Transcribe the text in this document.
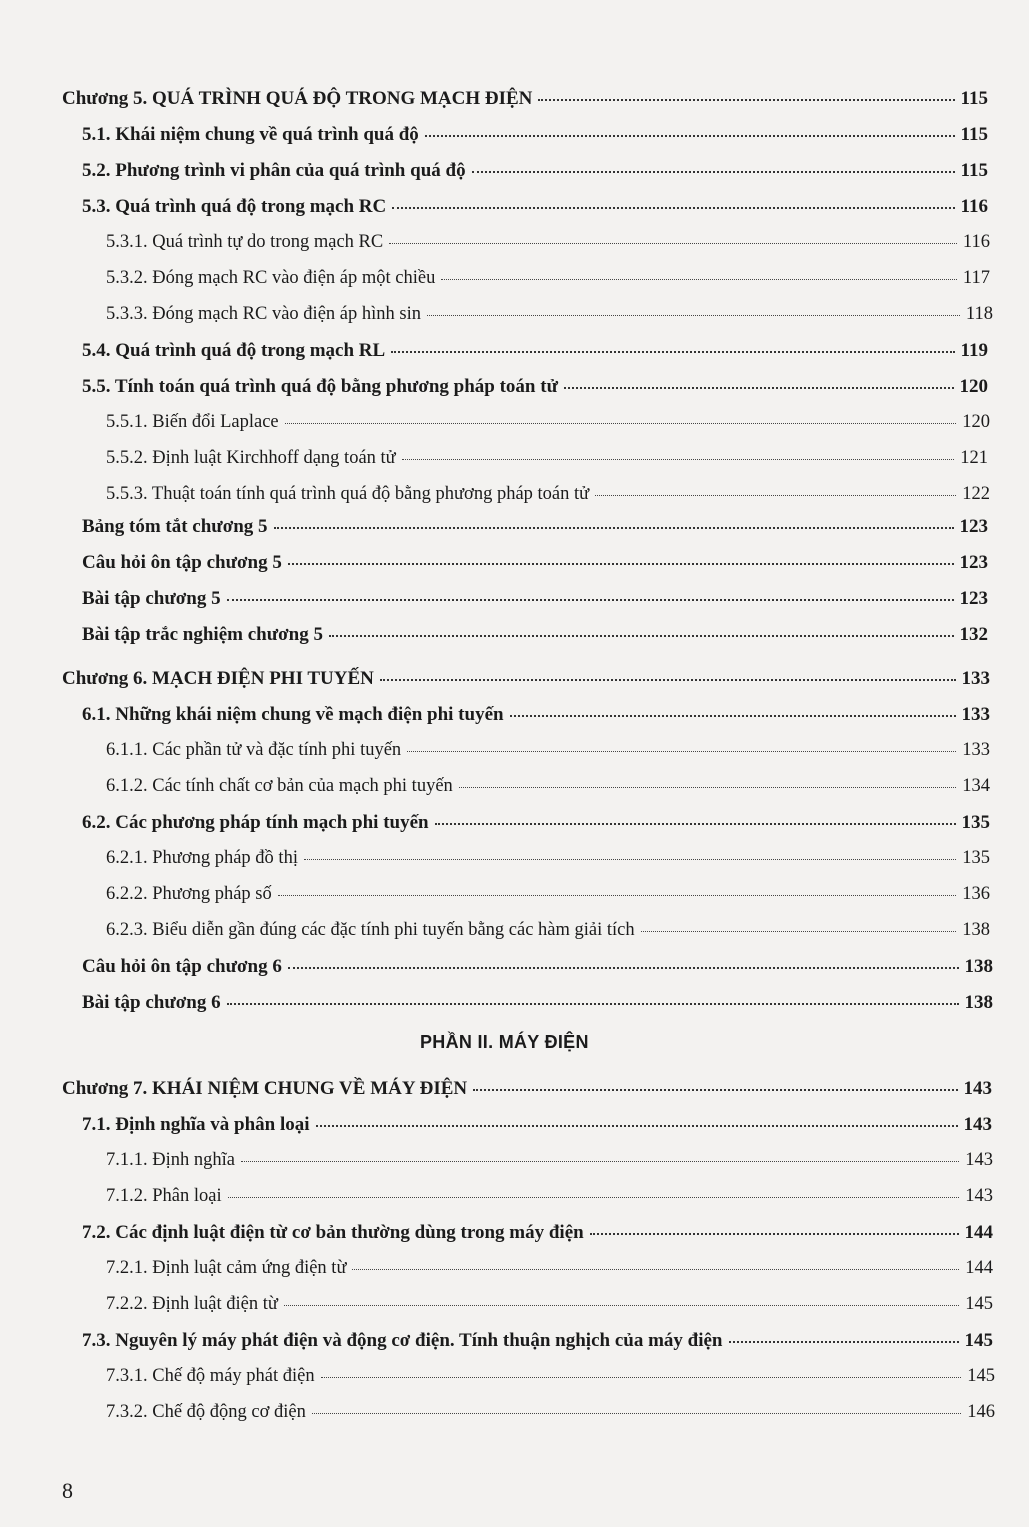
Chương 5. QUÁ TRÌNH QUÁ ĐỘ TRONG MẠCH ĐIỆN	115
5.1. Khái niệm chung về quá trình quá độ	115
5.2. Phương trình vi phân của quá trình quá độ	115
5.3. Quá trình quá độ trong mạch RC	116
5.3.1. Quá trình tự do trong mạch RC	116
5.3.2. Đóng mạch RC vào điện áp một chiều	117
5.3.3. Đóng mạch RC vào điện áp hình sin	118
5.4. Quá trình quá độ trong mạch RL	119
5.5. Tính toán quá trình quá độ bằng phương pháp toán tử	120
5.5.1. Biến đổi Laplace	120
5.5.2. Định luật Kirchhoff dạng toán tử	121
5.5.3. Thuật toán tính quá trình quá độ bằng phương pháp toán tử	122
Bảng tóm tắt chương 5	123
Câu hỏi ôn tập chương 5	123
Bài tập chương 5	123
Bài tập trắc nghiệm chương 5	132
Chương 6. MẠCH ĐIỆN PHI TUYẾN	133
6.1. Những khái niệm chung về mạch điện phi tuyến	133
6.1.1. Các phần tử và đặc tính phi tuyến	133
6.1.2. Các tính chất cơ bản của mạch phi tuyến	134
6.2. Các phương pháp tính mạch phi tuyến	135
6.2.1. Phương pháp đồ thị	135
6.2.2. Phương pháp số	136
6.2.3. Biểu diễn gần đúng các đặc tính phi tuyến bằng các hàm giải tích	138
Câu hỏi ôn tập chương 6	138
Bài tập chương 6	138
Chương 7. KHÁI NIỆM CHUNG VỀ MÁY ĐIỆN	143
7.1. Định nghĩa và phân loại	143
7.1.1. Định nghĩa	143
7.1.2. Phân loại	143
7.2. Các định luật điện từ cơ bản thường dùng trong máy điện	144
7.2.1. Định luật cảm ứng điện từ	144
7.2.2. Định luật điện từ	145
7.3. Nguyên lý máy phát điện và động cơ điện. Tính thuận nghịch của máy điện	145
7.3.1. Chế độ máy phát điện	145
7.3.2. Chế độ động cơ điện	146
PHẦN II. MÁY ĐIỆN
8
